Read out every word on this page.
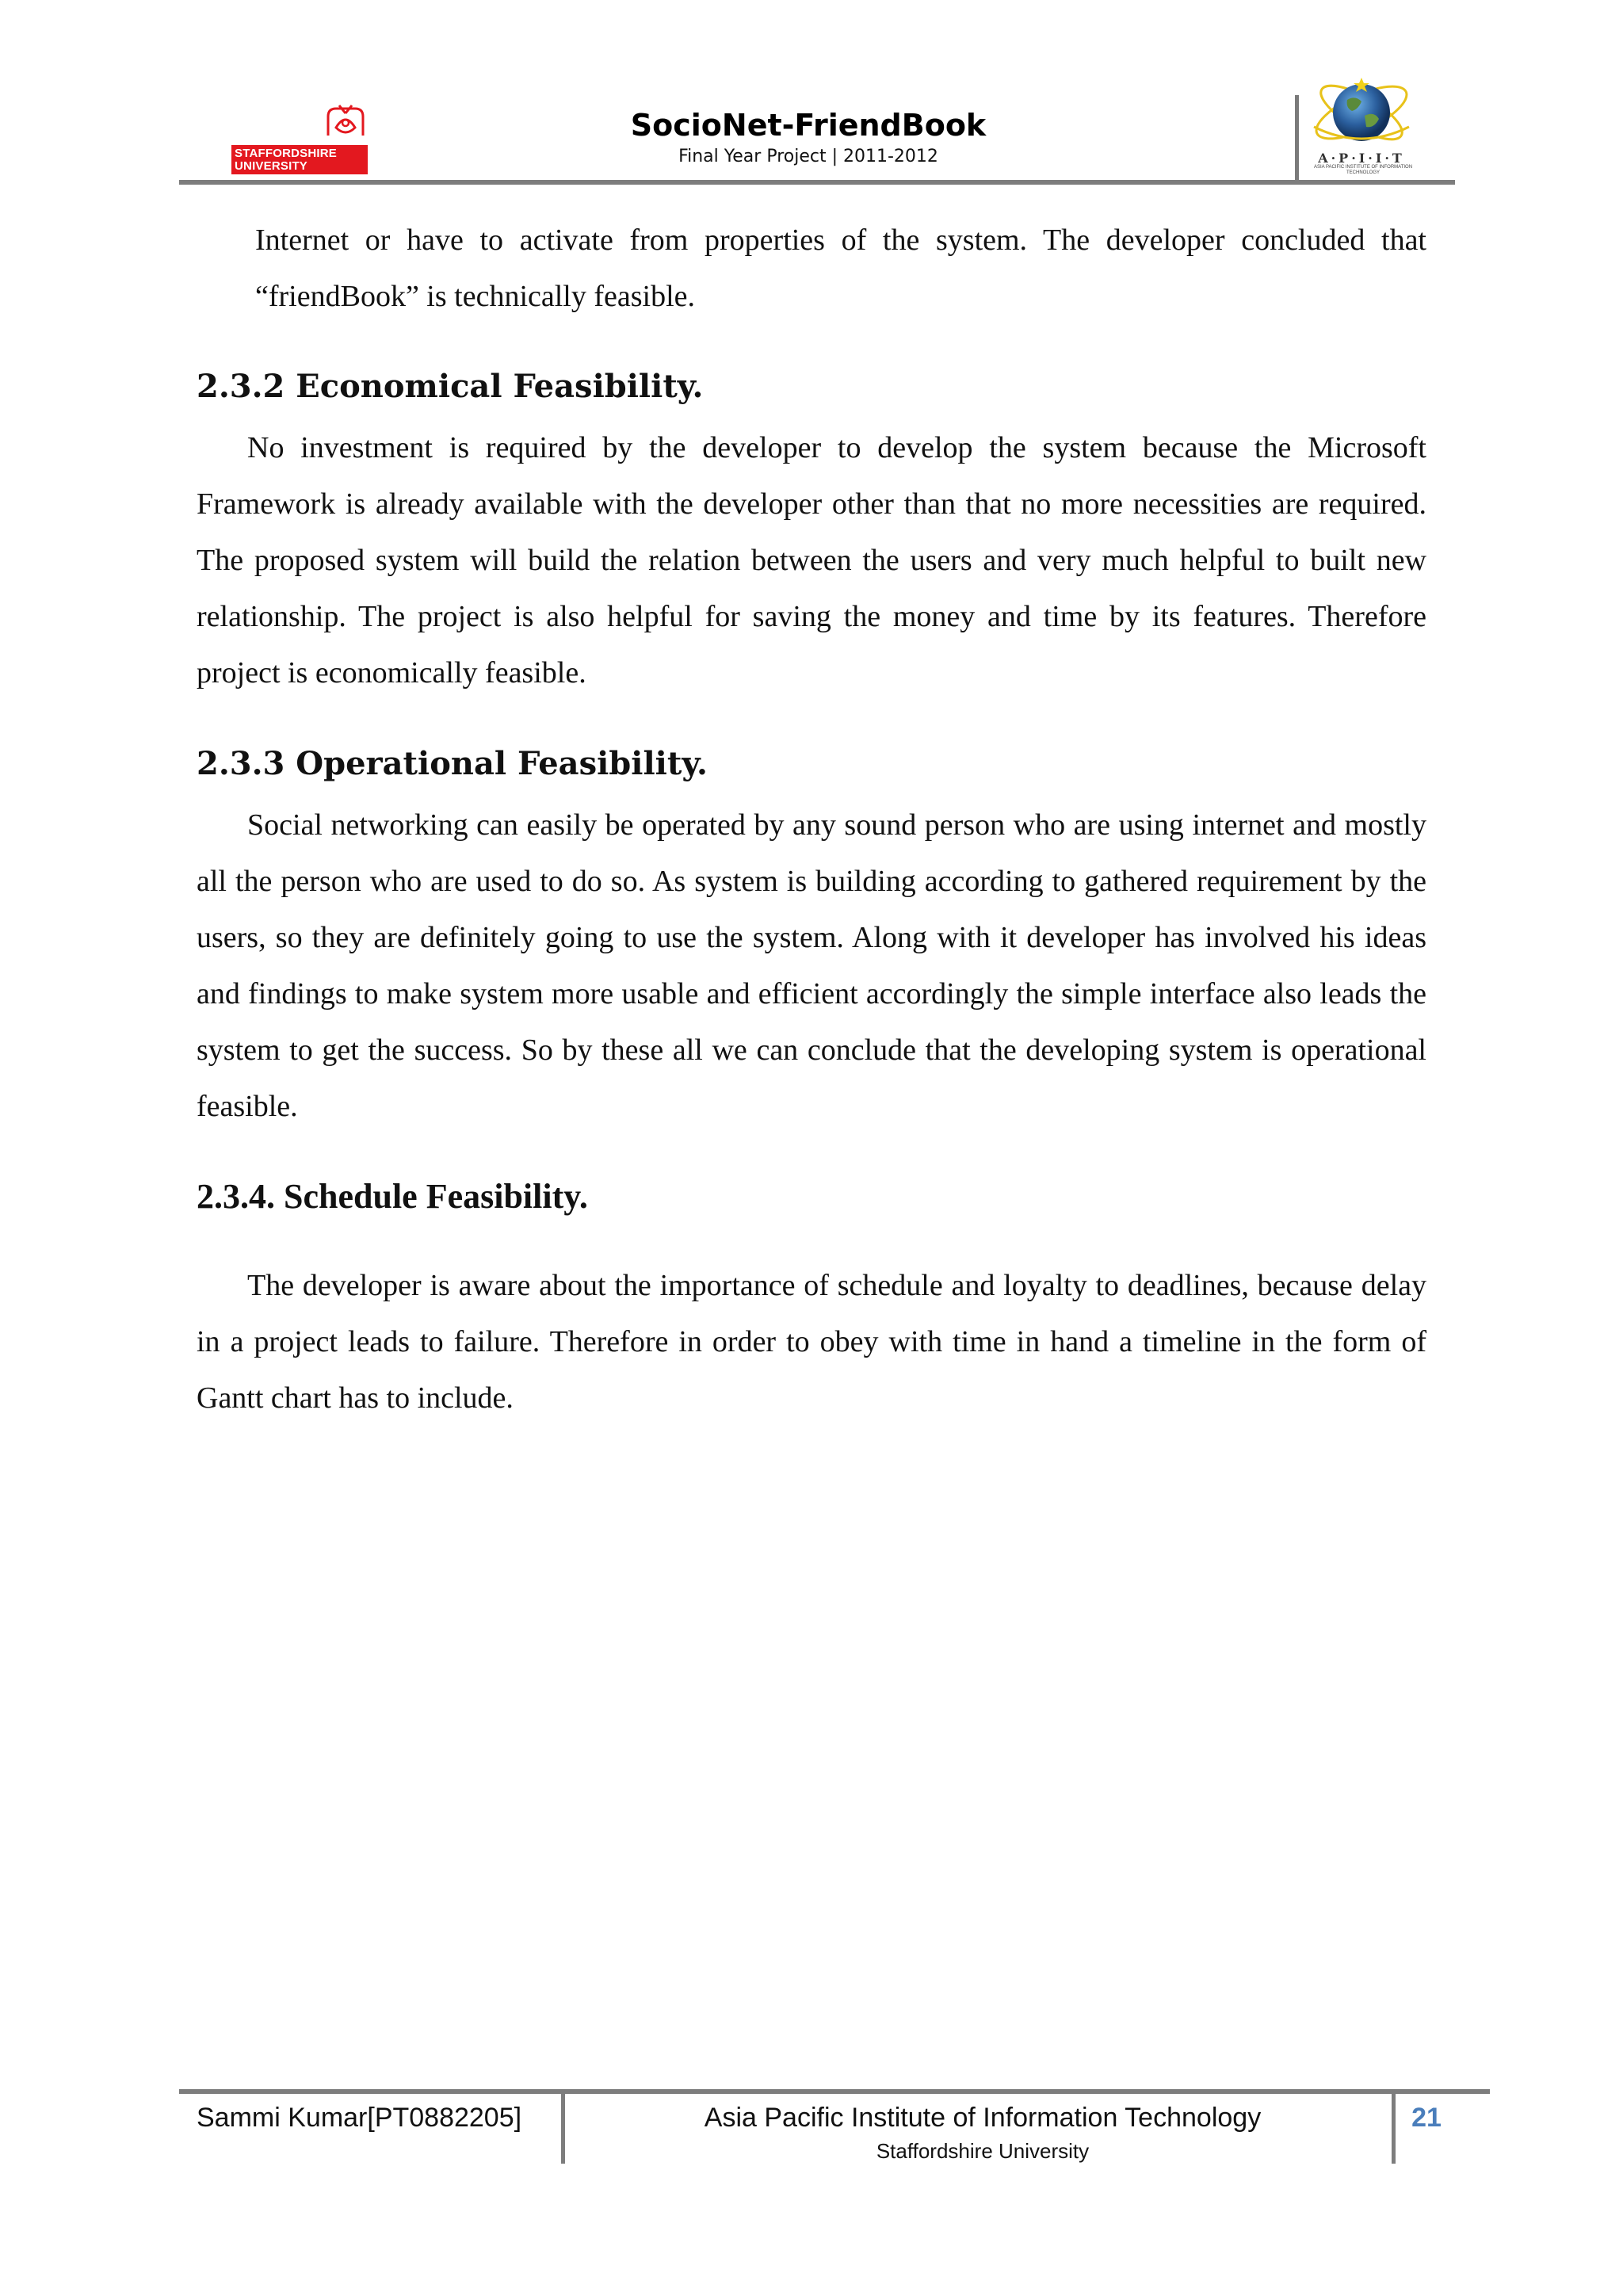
STAFFORDSHIRE
UNIVERSITY
SocioNet-FriendBook
Final Year Project | 2011-2012	A·P·I·I·T
ASIA PACIFIC INSTITUTE OF INFORMATION TECHNOLOGY

Internet or have to activate from properties of the system. The developer concluded that “friendBook” is technically feasible.

2.3.2 Economical Feasibility.

No investment is required by the developer to develop the system because the Microsoft Framework is already available with the developer other than that no more necessities are required. The proposed system will build the relation between the users and very much helpful to built new relationship. The project is also helpful for saving the money and time by its features. Therefore project is economically feasible.

2.3.3 Operational Feasibility.

Social networking can easily be operated by any sound person who are using internet and mostly all the person who are used to do so. As system is building according to gathered requirement by the users, so they are definitely going to use the system. Along with it developer has involved his ideas and findings to make system more usable and efficient accordingly the simple interface also leads the system to get the success. So by these all we can conclude that the developing system is operational feasible.

2.3.4. Schedule Feasibility.

The developer is aware about the importance of schedule and loyalty to deadlines, because delay in a project leads to failure. Therefore in order to obey with time in hand a timeline in the form of Gantt chart has to include.

Sammi Kumar[PT0882205]	Asia Pacific Institute of Information Technology
Staffordshire University
21
